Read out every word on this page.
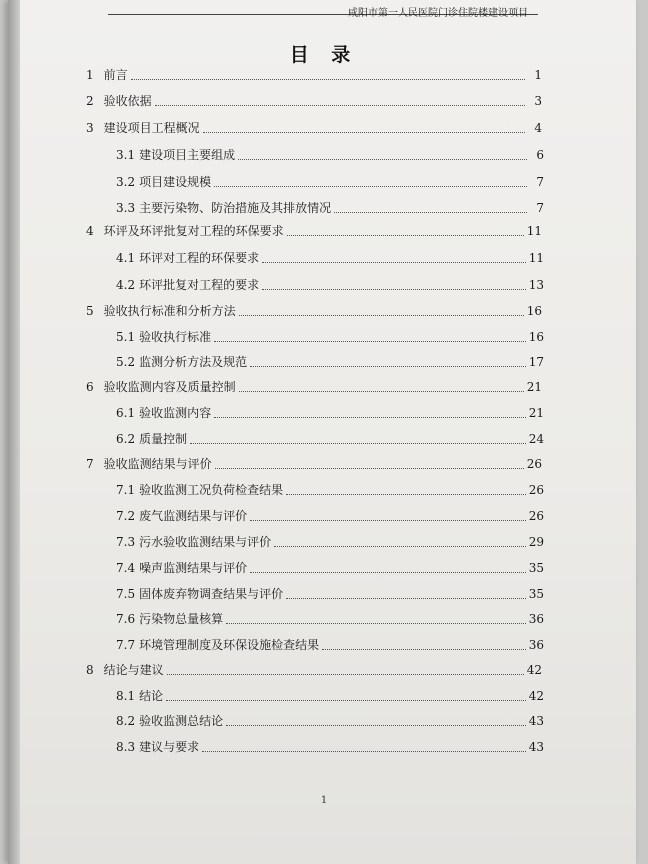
咸阳市第一人民医院门诊住院楼建设项目
目 录
1 前言	1
2 验收依据	3
3 建设项目工程概况	4
3.1 建设项目主要组成	6
3.2 项目建设规模	7
3.3 主要污染物、防治措施及其排放情况	7
4 环评及环评批复对工程的环保要求	11
4.1 环评对工程的环保要求	11
4.2 环评批复对工程的要求	13
5 验收执行标准和分析方法	16
5.1 验收执行标准	16
5.2 监测分析方法及规范	17
6 验收监测内容及质量控制	21
6.1 验收监测内容	21
6.2 质量控制	24
7 验收监测结果与评价	26
7.1 验收监测工况负荷检查结果	26
7.2 废气监测结果与评价	26
7.3 污水验收监测结果与评价	29
7.4 噪声监测结果与评价	35
7.5 固体废弃物调查结果与评价	35
7.6 污染物总量核算	36
7.7 环境管理制度及环保设施检查结果	36
8 结论与建议	42
8.1 结论	42
8.2 验收监测总结论	43
8.3 建议与要求	43
1
